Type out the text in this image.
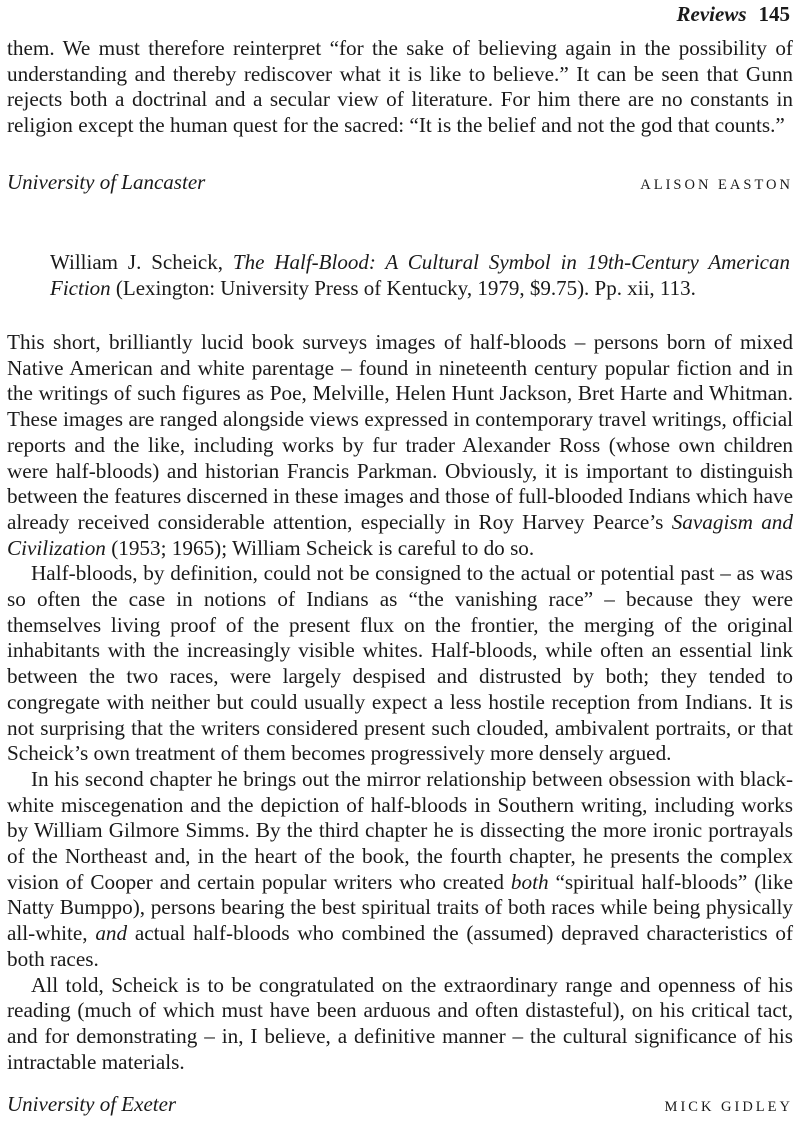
Reviews 145

them. We must therefore reinterpret “for the sake of believing again in the possibility of understanding and thereby rediscover what it is like to believe.” It can be seen that Gunn rejects both a doctrinal and a secular view of literature. For him there are no constants in religion except the human quest for the sacred: “It is the belief and not the god that counts.”

University of Lancaster	ALISON EASTON
William J. Scheick, The Half-Blood: A Cultural Symbol in 19th-Century American Fiction (Lexington: University Press of Kentucky, 1979, $9.75). Pp. xii, 113.

This short, brilliantly lucid book surveys images of half-bloods – persons born of mixed Native American and white parentage – found in nineteenth century popular fiction and in the writings of such figures as Poe, Melville, Helen Hunt Jackson, Bret Harte and Whitman. These images are ranged alongside views expressed in contemporary travel writings, official reports and the like, including works by fur trader Alexander Ross (whose own children were half-bloods) and historian Francis Parkman. Obviously, it is important to distinguish between the features discerned in these images and those of full-blooded Indians which have already received considerable attention, especially in Roy Harvey Pearce’s Savagism and Civilization (1953; 1965); William Scheick is careful to do so.

Half-bloods, by definition, could not be consigned to the actual or potential past – as was so often the case in notions of Indians as “the vanishing race” – because they were themselves living proof of the present flux on the frontier, the merging of the original inhabitants with the increasingly visible whites. Half-bloods, while often an essential link between the two races, were largely despised and distrusted by both; they tended to congregate with neither but could usually expect a less hostile reception from Indians. It is not surprising that the writers considered present such clouded, ambivalent portraits, or that Scheick’s own treatment of them becomes progressively more densely argued.

In his second chapter he brings out the mirror relationship between obsession with black-white miscegenation and the depiction of half-bloods in Southern writing, including works by William Gilmore Simms. By the third chapter he is dissecting the more ironic portrayals of the Northeast and, in the heart of the book, the fourth chapter, he presents the complex vision of Cooper and certain popular writers who created both “spiritual half-bloods” (like Natty Bumppo), persons bearing the best spiritual traits of both races while being physically all-white, and actual half-bloods who combined the (assumed) depraved characteristics of both races.

All told, Scheick is to be congratulated on the extraordinary range and openness of his reading (much of which must have been arduous and often distasteful), on his critical tact, and for demonstrating – in, I believe, a definitive manner – the cultural significance of his intractable materials.

University of Exeter	MICK GIDLEY
